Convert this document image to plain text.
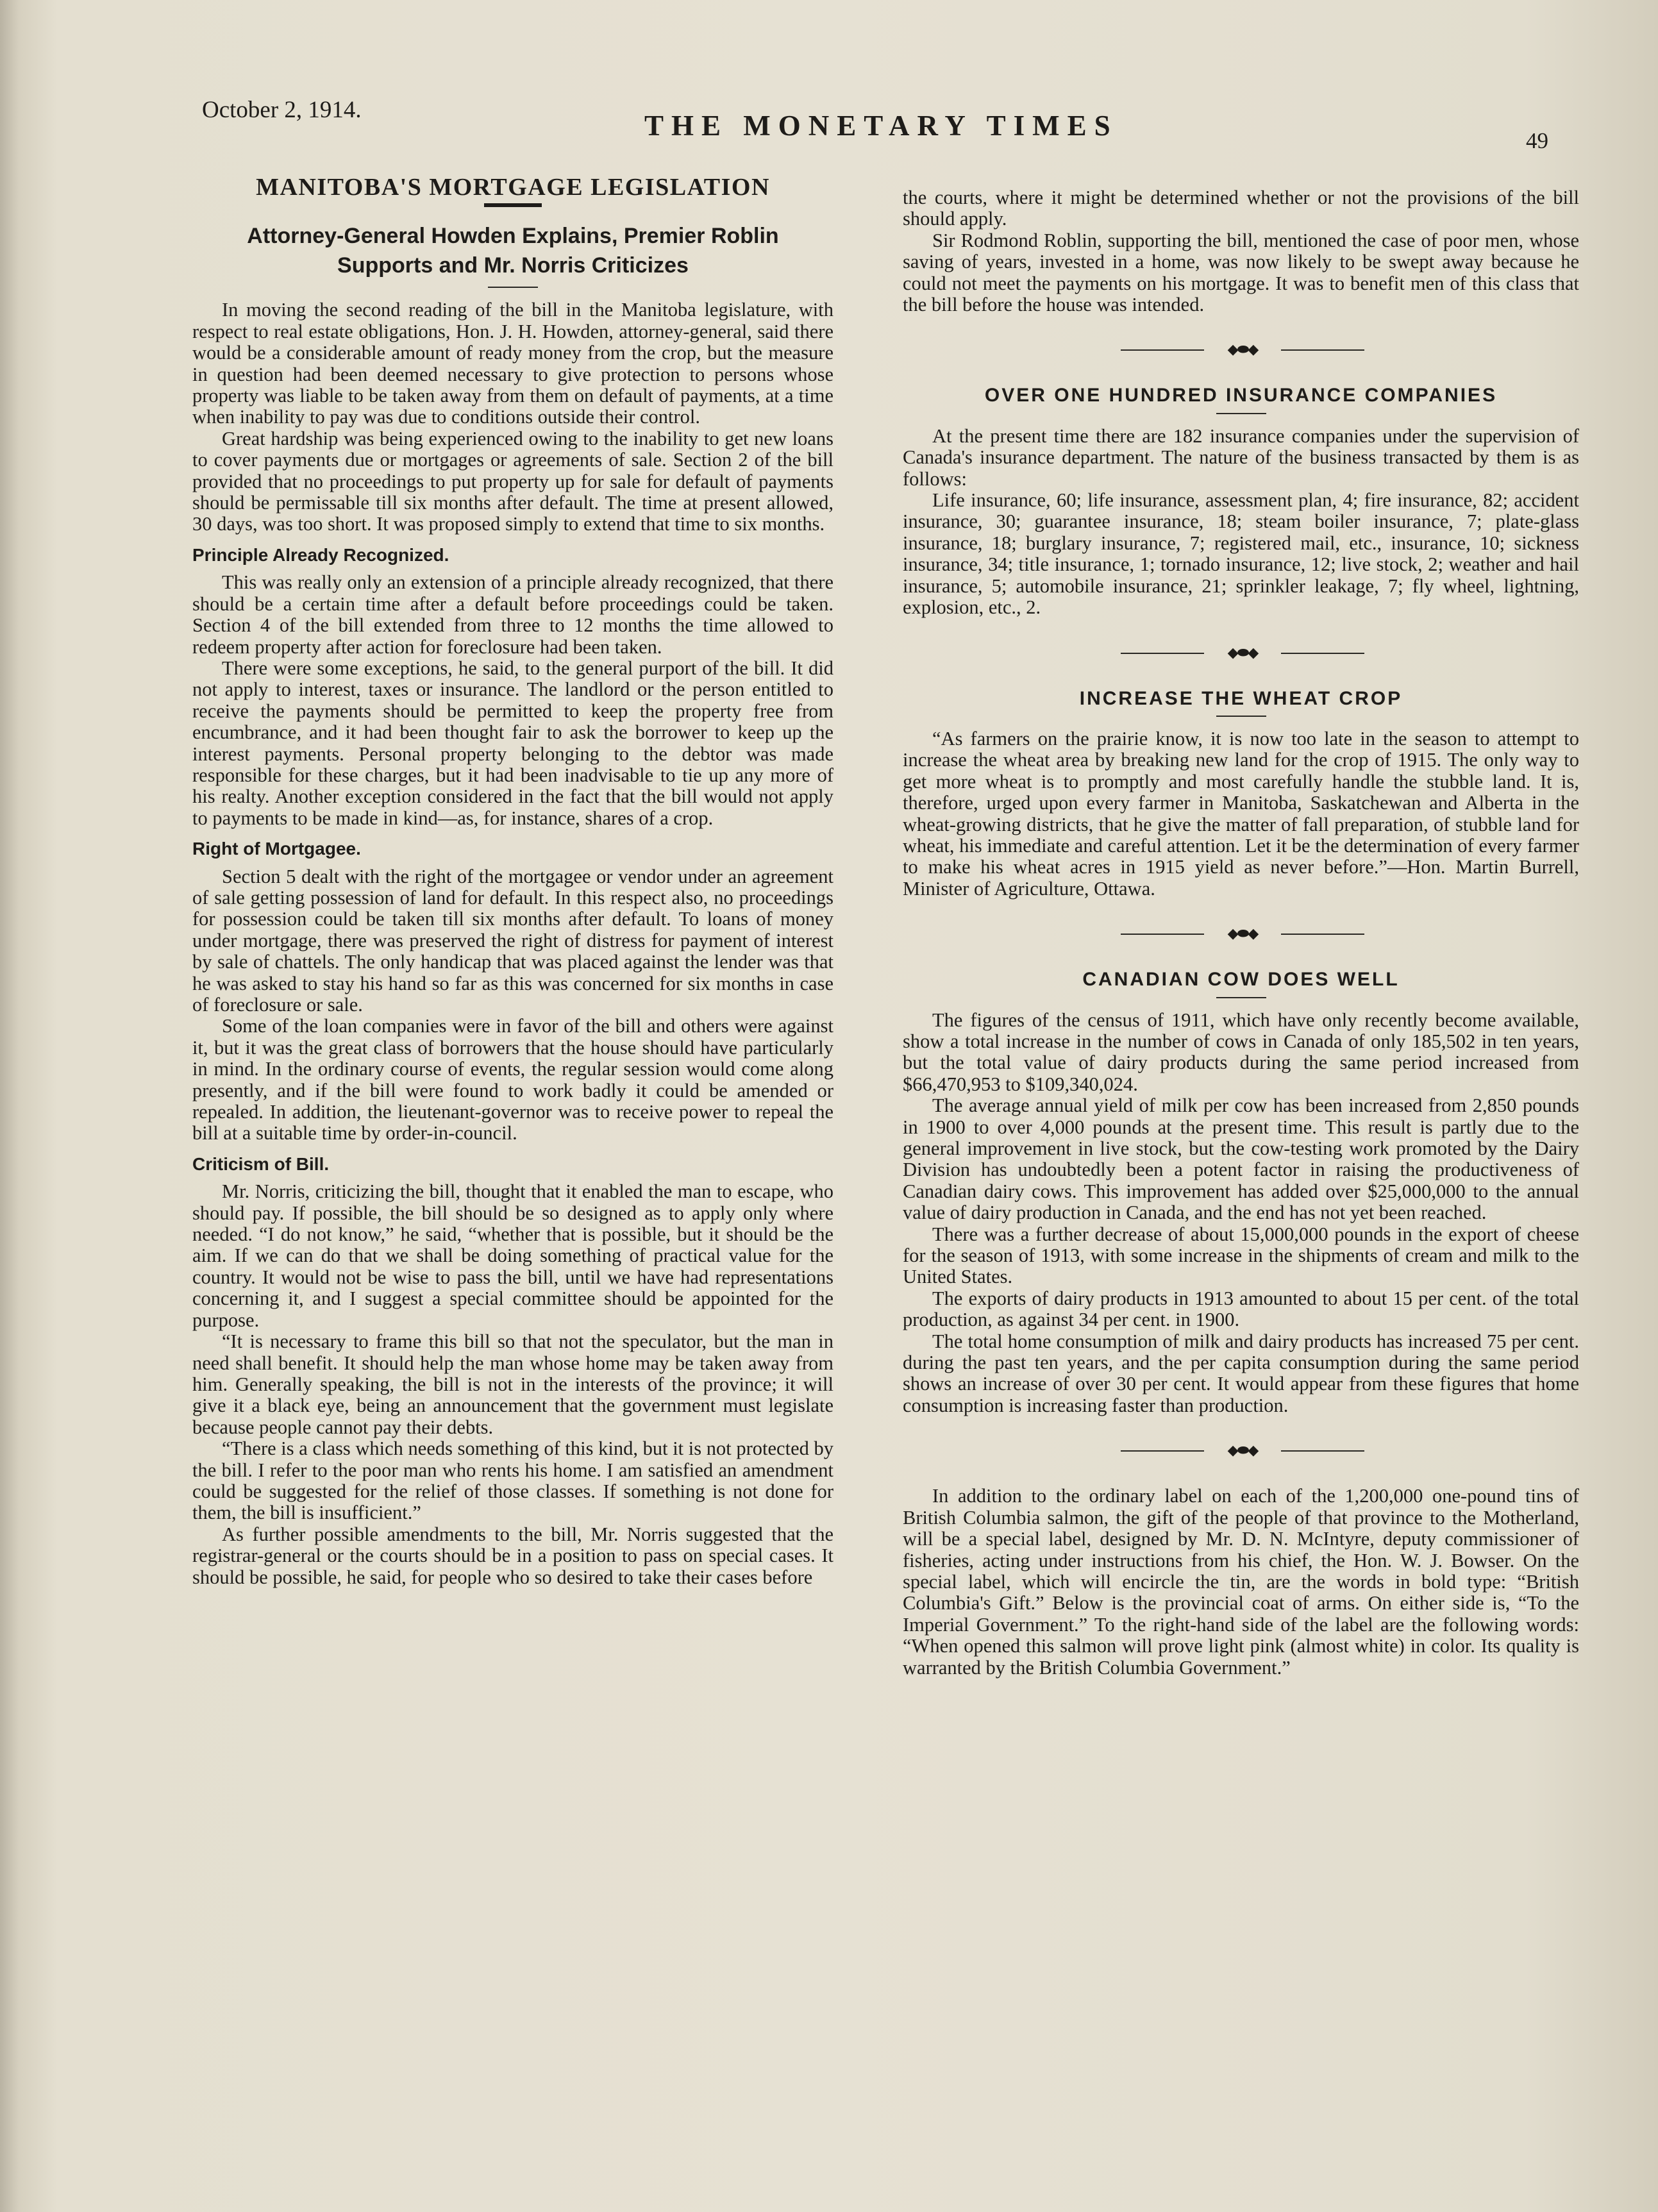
October 2, 1914.	THE MONETARY TIMES	49
MANITOBA'S MORTGAGE LEGISLATION
Attorney-General Howden Explains, Premier Roblin Supports and Mr. Norris Criticizes

In moving the second reading of the bill in the Manitoba legislature, with respect to real estate obligations, Hon. J. H. Howden, attorney-general, said there would be a considerable amount of ready money from the crop, but the measure in question had been deemed necessary to give protection to persons whose property was liable to be taken away from them on default of payments, at a time when inability to pay was due to conditions outside their control.

Great hardship was being experienced owing to the inability to get new loans to cover payments due or mortgages or agreements of sale. Section 2 of the bill provided that no proceedings to put property up for sale for default of payments should be permissable till six months after default. The time at present allowed, 30 days, was too short. It was proposed simply to extend that time to six months.

Principle Already Recognized.

This was really only an extension of a principle already recognized, that there should be a certain time after a default before proceedings could be taken. Section 4 of the bill extended from three to 12 months the time allowed to redeem property after action for foreclosure had been taken.

There were some exceptions, he said, to the general purport of the bill. It did not apply to interest, taxes or insurance. The landlord or the person entitled to receive the payments should be permitted to keep the property free from encumbrance, and it had been thought fair to ask the borrower to keep up the interest payments. Personal property belonging to the debtor was made responsible for these charges, but it had been inadvisable to tie up any more of his realty. Another exception considered in the fact that the bill would not apply to payments to be made in kind—as, for instance, shares of a crop.

Right of Mortgagee.

Section 5 dealt with the right of the mortgagee or vendor under an agreement of sale getting possession of land for default. In this respect also, no proceedings for possession could be taken till six months after default. To loans of money under mortgage, there was preserved the right of distress for payment of interest by sale of chattels. The only handicap that was placed against the lender was that he was asked to stay his hand so far as this was concerned for six months in case of foreclosure or sale.

Some of the loan companies were in favor of the bill and others were against it, but it was the great class of borrowers that the house should have particularly in mind. In the ordinary course of events, the regular session would come along presently, and if the bill were found to work badly it could be amended or repealed. In addition, the lieutenant-governor was to receive power to repeal the bill at a suitable time by order-in-council.

Criticism of Bill.

Mr. Norris, criticizing the bill, thought that it enabled the man to escape, who should pay. If possible, the bill should be so designed as to apply only where needed. “I do not know,” he said, “whether that is possible, but it should be the aim. If we can do that we shall be doing something of practical value for the country. It would not be wise to pass the bill, until we have had representations concerning it, and I suggest a special committee should be appointed for the purpose.

“It is necessary to frame this bill so that not the speculator, but the man in need shall benefit. It should help the man whose home may be taken away from him. Generally speaking, the bill is not in the interests of the province; it will give it a black eye, being an announcement that the government must legislate because people cannot pay their debts.

“There is a class which needs something of this kind, but it is not protected by the bill. I refer to the poor man who rents his home. I am satisfied an amendment could be suggested for the relief of those classes. If something is not done for them, the bill is insufficient.”

As further possible amendments to the bill, Mr. Norris suggested that the registrar-general or the courts should be in a position to pass on special cases. It should be possible, he said, for people who so desired to take their cases before

the courts, where it might be determined whether or not the provisions of the bill should apply.

Sir Rodmond Roblin, supporting the bill, mentioned the case of poor men, whose saving of years, invested in a home, was now likely to be swept away because he could not meet the payments on his mortgage. It was to benefit men of this class that the bill before the house was intended.

◆⬬◆
OVER ONE HUNDRED INSURANCE COMPANIES

At the present time there are 182 insurance companies under the supervision of Canada's insurance department. The nature of the business transacted by them is as follows:

Life insurance, 60; life insurance, assessment plan, 4; fire insurance, 82; accident insurance, 30; guarantee insurance, 18; steam boiler insurance, 7; plate-glass insurance, 18; burglary insurance, 7; registered mail, etc., insurance, 10; sickness insurance, 34; title insurance, 1; tornado insurance, 12; live stock, 2; weather and hail insurance, 5; automobile insurance, 21; sprinkler leakage, 7; fly wheel, lightning, explosion, etc., 2.

◆⬬◆
INCREASE THE WHEAT CROP

“As farmers on the prairie know, it is now too late in the season to attempt to increase the wheat area by breaking new land for the crop of 1915. The only way to get more wheat is to promptly and most carefully handle the stubble land. It is, therefore, urged upon every farmer in Manitoba, Saskatchewan and Alberta in the wheat-growing districts, that he give the matter of fall preparation, of stubble land for wheat, his immediate and careful attention. Let it be the determination of every farmer to make his wheat acres in 1915 yield as never before.”—Hon. Martin Burrell, Minister of Agriculture, Ottawa.

◆⬬◆
CANADIAN COW DOES WELL

The figures of the census of 1911, which have only recently become available, show a total increase in the number of cows in Canada of only 185,502 in ten years, but the total value of dairy products during the same period increased from $66,470,953 to $109,340,024.

The average annual yield of milk per cow has been increased from 2,850 pounds in 1900 to over 4,000 pounds at the present time. This result is partly due to the general improvement in live stock, but the cow-testing work promoted by the Dairy Division has undoubtedly been a potent factor in raising the productiveness of Canadian dairy cows. This improvement has added over $25,000,000 to the annual value of dairy production in Canada, and the end has not yet been reached.

There was a further decrease of about 15,000,000 pounds in the export of cheese for the season of 1913, with some increase in the shipments of cream and milk to the United States.

The exports of dairy products in 1913 amounted to about 15 per cent. of the total production, as against 34 per cent. in 1900.

The total home consumption of milk and dairy products has increased 75 per cent. during the past ten years, and the per capita consumption during the same period shows an increase of over 30 per cent. It would appear from these figures that home consumption is increasing faster than production.

◆⬬◆

In addition to the ordinary label on each of the 1,200,000 one-pound tins of British Columbia salmon, the gift of the people of that province to the Motherland, will be a special label, designed by Mr. D. N. McIntyre, deputy commissioner of fisheries, acting under instructions from his chief, the Hon. W. J. Bowser. On the special label, which will encircle the tin, are the words in bold type: “British Columbia's Gift.” Below is the provincial coat of arms. On either side is, “To the Imperial Government.” To the right-hand side of the label are the following words: “When opened this salmon will prove light pink (almost white) in color. Its quality is warranted by the British Columbia Government.”
